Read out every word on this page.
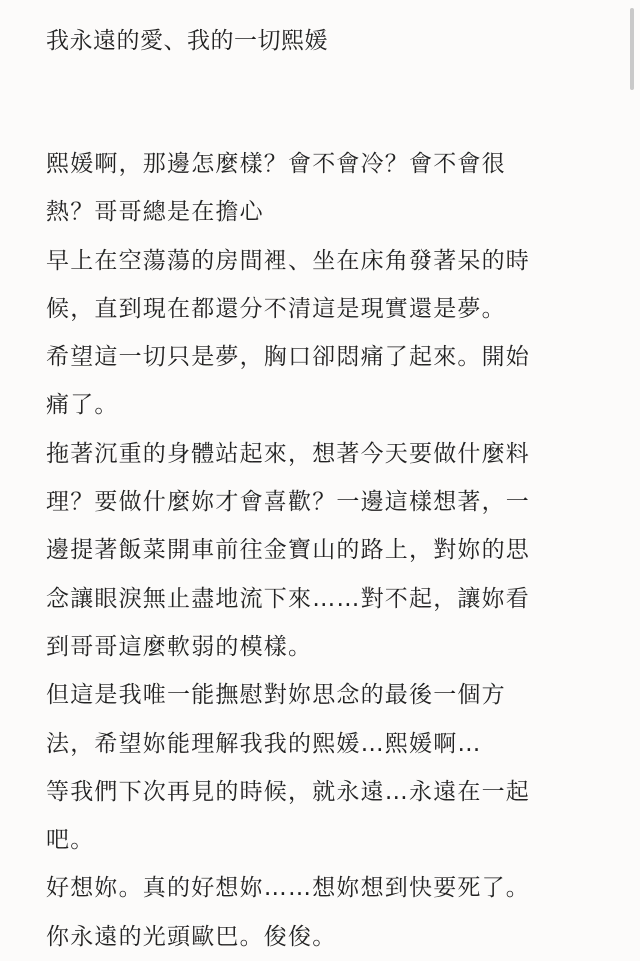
我永遠的愛、我的一切熙媛
熙媛啊，那邊怎麼樣？會不會冷？會不會很
熱？哥哥總是在擔心
早上在空蕩蕩的房間裡、坐在床角發著呆的時
候，直到現在都還分不清這是現實還是夢。
希望這一切只是夢，胸口卻悶痛了起來。開始
痛了。
拖著沉重的身體站起來，想著今天要做什麼料
理？要做什麼妳才會喜歡？一邊這樣想著，一
邊提著飯菜開車前往金寶山的路上，對妳的思
念讓眼淚無止盡地流下來……對不起，讓妳看
到哥哥這麼軟弱的模樣。
但這是我唯一能撫慰對妳思念的最後一個方
法，希望妳能理解我我的熙媛…熙媛啊…
等我們下次再見的時候，就永遠…永遠在一起
吧。
好想妳。真的好想妳……想妳想到快要死了。
你永遠的光頭歐巴。俊俊。
